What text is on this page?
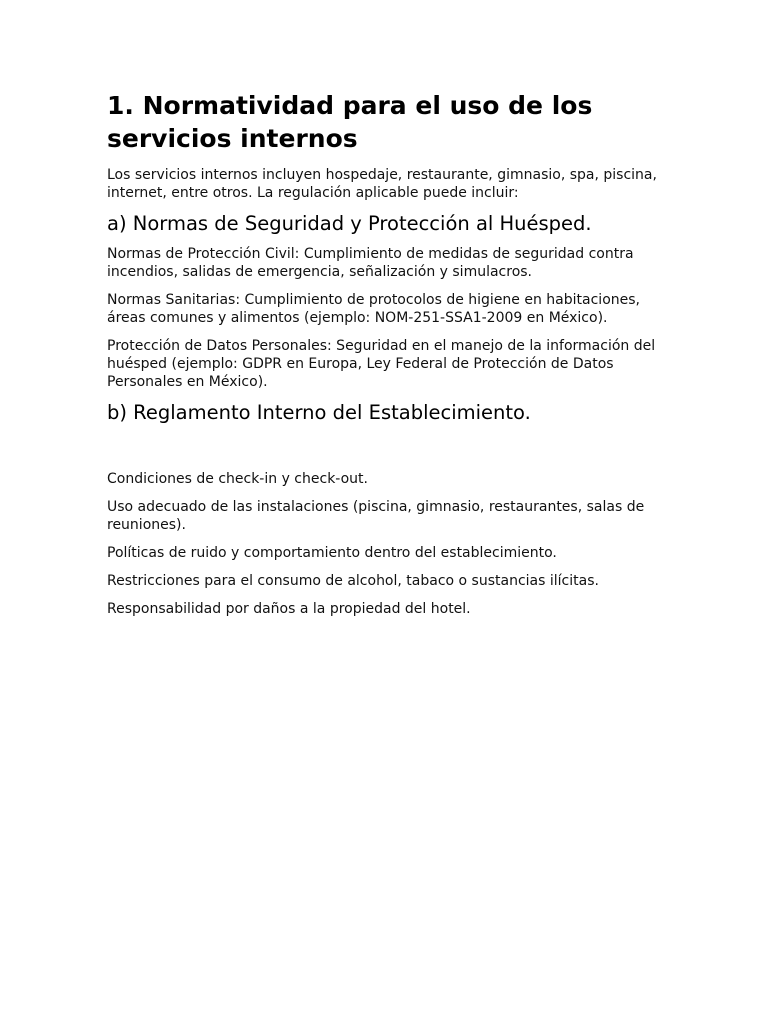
1. Normatividad para el uso de los servicios internos

Los servicios internos incluyen hospedaje, restaurante, gimnasio, spa, piscina, internet, entre otros. La regulación aplicable puede incluir:

a) Normas de Seguridad y Protección al Huésped.

Normas de Protección Civil: Cumplimiento de medidas de seguridad contra incendios, salidas de emergencia, señalización y simulacros.

Normas Sanitarias: Cumplimiento de protocolos de higiene en habitaciones, áreas comunes y alimentos (ejemplo: NOM-251-SSA1-2009 en México).

Protección de Datos Personales: Seguridad en el manejo de la información del huésped (ejemplo: GDPR en Europa, Ley Federal de Protección de Datos Personales en México).

b) Reglamento Interno del Establecimiento.

Condiciones de check-in y check-out.

Uso adecuado de las instalaciones (piscina, gimnasio, restaurantes, salas de reuniones).

Políticas de ruido y comportamiento dentro del establecimiento.

Restricciones para el consumo de alcohol, tabaco o sustancias ilícitas.

Responsabilidad por daños a la propiedad del hotel.
